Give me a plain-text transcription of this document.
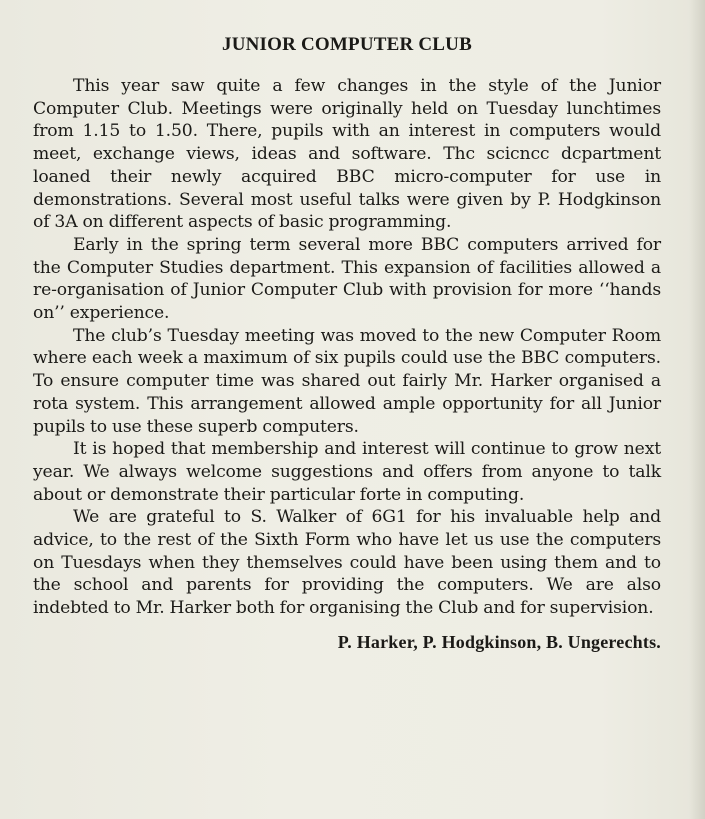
JUNIOR COMPUTER CLUB

This year saw quite a few changes in the style of the Junior Computer Club. Meetings were originally held on Tuesday lunchtimes from 1.15 to 1.50. There, pupils with an interest in computers would meet, exchange views, ideas and software. Thc scicncc dcpartment loaned their newly acquired BBC micro-computer for use in demonstrations. Several most useful talks were given by P. Hodgkinson of 3A on different aspects of basic programming.

Early in the spring term several more BBC computers arrived for the Computer Studies department. This expansion of facilities allowed a re-organisation of Junior Computer Club with provision for more ‘‘hands on’’ experience.

The club’s Tuesday meeting was moved to the new Computer Room where each week a maximum of six pupils could use the BBC computers. To ensure computer time was shared out fairly Mr. Harker organised a rota system. This arrangement allowed ample opportunity for all Junior pupils to use these superb computers.

It is hoped that membership and interest will continue to grow next year. We always welcome suggestions and offers from anyone to talk about or demonstrate their particular forte in computing.

We are grateful to S. Walker of 6G1 for his invaluable help and advice, to the rest of the Sixth Form who have let us use the computers on Tuesdays when they themselves could have been using them and to the school and parents for providing the computers. We are also indebted to Mr. Harker both for organising the Club and for supervision.

P. Harker, P. Hodgkinson, B. Ungerechts.
